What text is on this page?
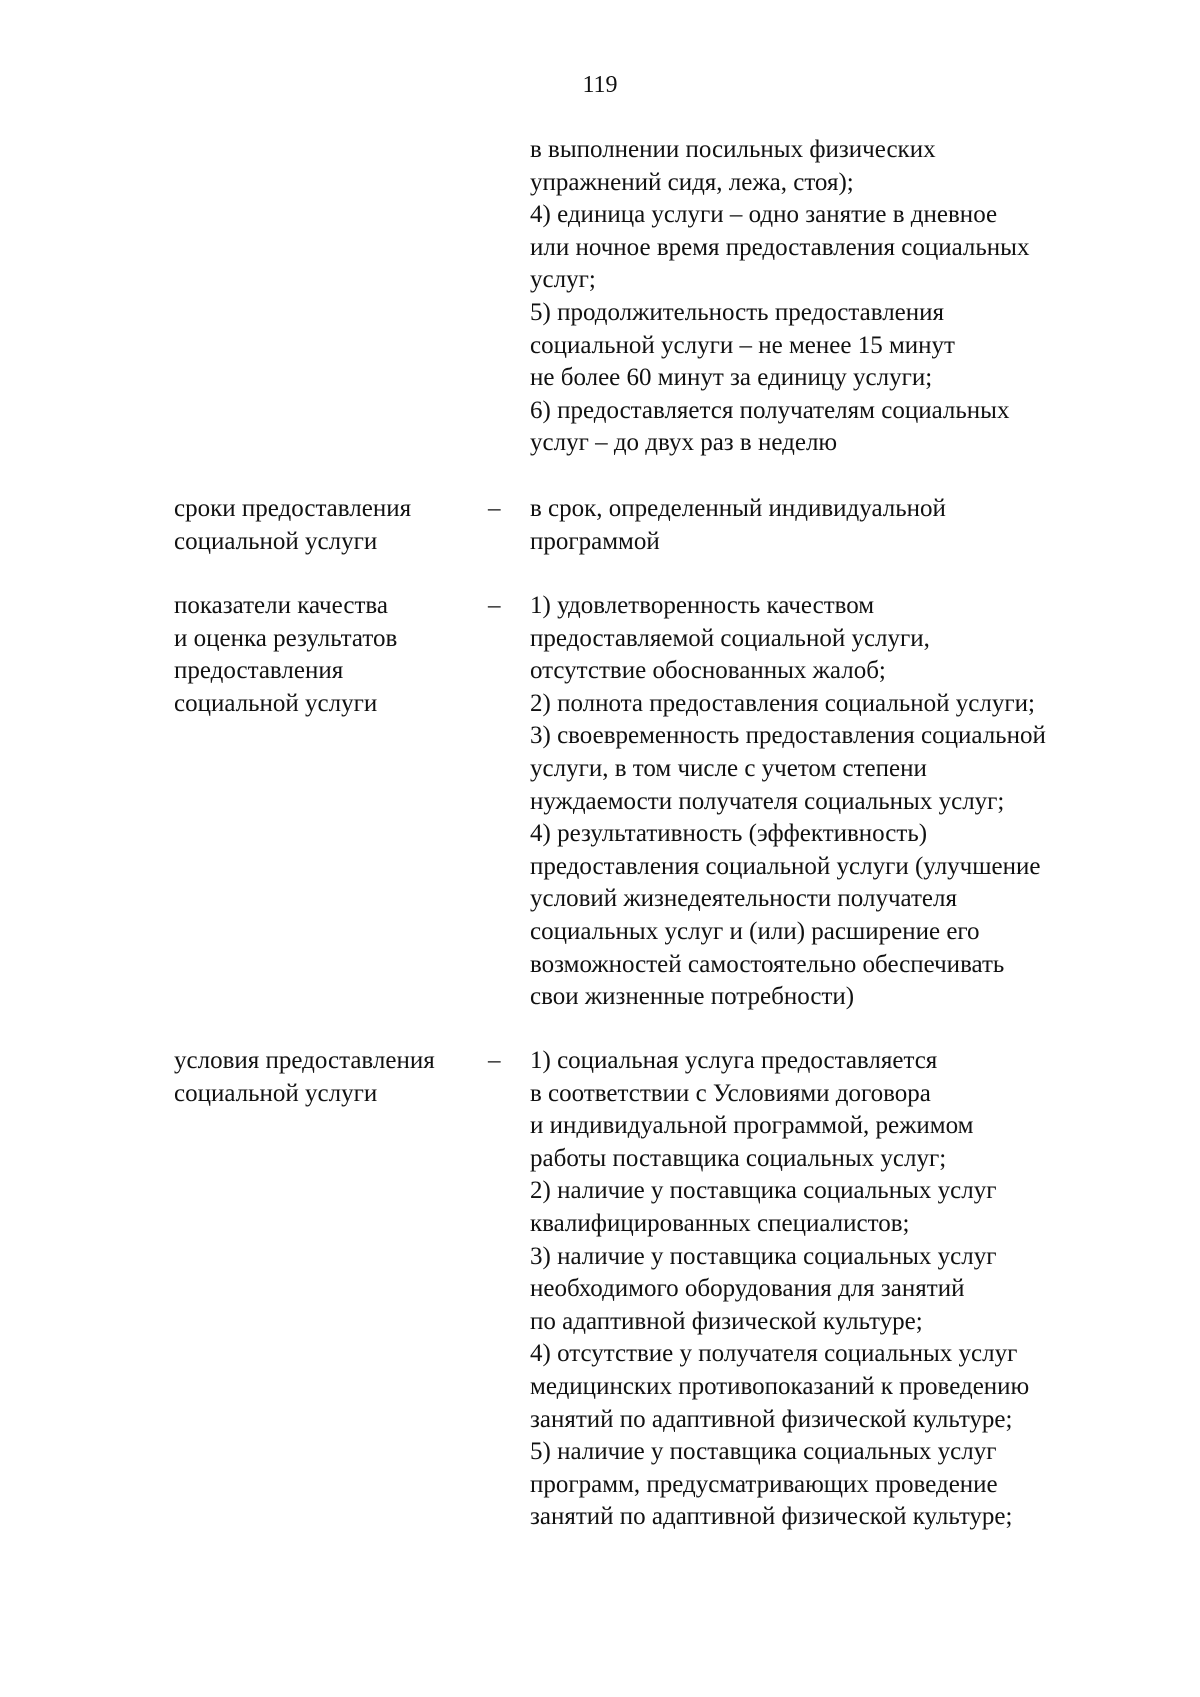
119
в выполнении посильных физических
упражнений сидя, лежа, стоя);
4) единица услуги – одно занятие в дневное
или ночное время предоставления социальных
услуг;
5) продолжительность предоставления
социальной услуги – не менее 15 минут
не более 60 минут за единицу услуги;
6) предоставляется получателям социальных
услуг – до двух раз в неделю
сроки предоставления
социальной услуги
– в срок, определенный индивидуальной
программой
показатели качества
и оценка результатов
предоставления
социальной услуги
– 1) удовлетворенность качеством
предоставляемой социальной услуги,
отсутствие обоснованных жалоб;
2) полнота предоставления социальной услуги;
3) своевременность предоставления социальной
услуги, в том числе с учетом степени
нуждаемости получателя социальных услуг;
4) результативность (эффективность)
предоставления социальной услуги (улучшение
условий жизнедеятельности получателя
социальных услуг и (или) расширение его
возможностей самостоятельно обеспечивать
свои жизненные потребности)
условия предоставления
социальной услуги
– 1) социальная услуга предоставляется
в соответствии с Условиями договора
и индивидуальной программой, режимом
работы поставщика социальных услуг;
2) наличие у поставщика социальных услуг
квалифицированных специалистов;
3) наличие у поставщика социальных услуг
необходимого оборудования для занятий
по адаптивной физической культуре;
4) отсутствие у получателя социальных услуг
медицинских противопоказаний к проведению
занятий по адаптивной физической культуре;
5) наличие у поставщика социальных услуг
программ, предусматривающих проведение
занятий по адаптивной физической культуре;
